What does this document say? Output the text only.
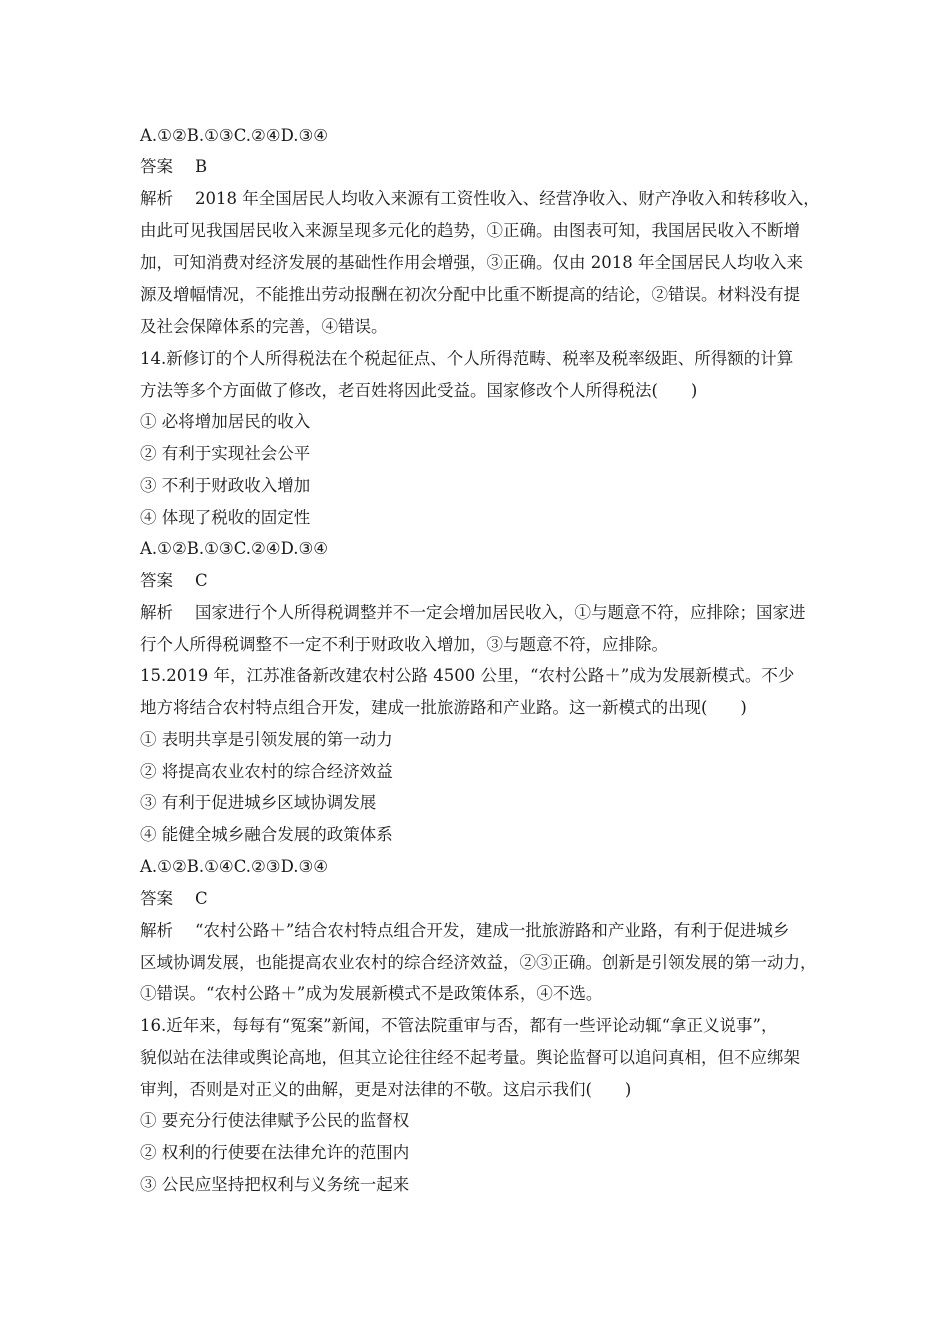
A.①②B.①③C.②④D.③④
答案 B
解析 2018 年全国居民人均收入来源有工资性收入、经营净收入、财产净收入和转移收入，
由此可见我国居民收入来源呈现多元化的趋势，①正确。由图表可知，我国居民收入不断增
加，可知消费对经济发展的基础性作用会增强，③正确。仅由 2018 年全国居民人均收入来
源及增幅情况，不能推出劳动报酬在初次分配中比重不断提高的结论，②错误。材料没有提
及社会保障体系的完善，④错误。
14.新修订的个人所得税法在个税起征点、个人所得范畴、税率及税率级距、所得额的计算
方法等多个方面做了修改，老百姓将因此受益。国家修改个人所得税法(　　)
① 必将增加居民的收入
② 有利于实现社会公平
③ 不利于财政收入增加
④ 体现了税收的固定性
A.①②B.①③C.②④D.③④
答案 C
解析 国家进行个人所得税调整并不一定会增加居民收入，①与题意不符，应排除；国家进
行个人所得税调整不一定不利于财政收入增加，③与题意不符，应排除。
15.2019 年，江苏准备新改建农村公路 4500 公里，“农村公路＋”成为发展新模式。不少
地方将结合农村特点组合开发，建成一批旅游路和产业路。这一新模式的出现(　　)
① 表明共享是引领发展的第一动力
② 将提高农业农村的综合经济效益
③ 有利于促进城乡区域协调发展
④ 能健全城乡融合发展的政策体系
A.①②B.①④C.②③D.③④
答案 C
解析 “农村公路＋”结合农村特点组合开发，建成一批旅游路和产业路，有利于促进城乡
区域协调发展，也能提高农业农村的综合经济效益，②③正确。创新是引领发展的第一动力，
①错误。“农村公路＋”成为发展新模式不是政策体系，④不选。
16.近年来，每每有“冤案”新闻，不管法院重审与否，都有一些评论动辄“拿正义说事”，
貌似站在法律或舆论高地，但其立论往往经不起考量。舆论监督可以追问真相，但不应绑架
审判，否则是对正义的曲解，更是对法律的不敬。这启示我们(　　)
① 要充分行使法律赋予公民的监督权
② 权利的行使要在法律允许的范围内
③ 公民应坚持把权利与义务统一起来
